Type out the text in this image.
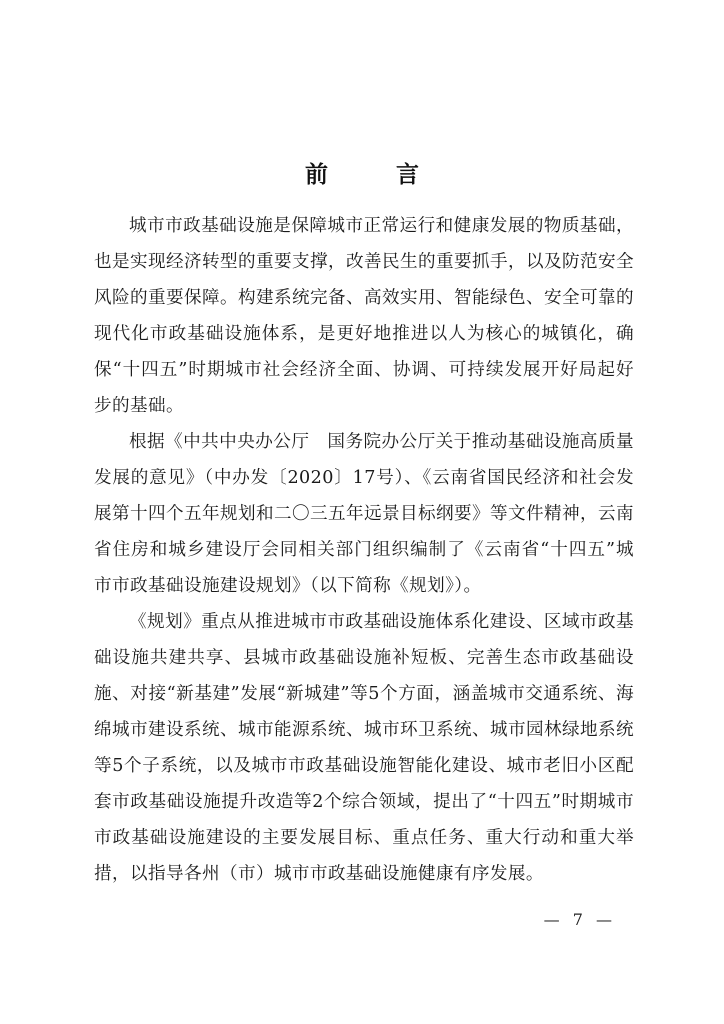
前 言

城市市政基础设施是保障城市正常运行和健康发展的物质基础，也是实现经济转型的重要支撑，改善民生的重要抓手，以及防范安全风险的重要保障。构建系统完备、高效实用、智能绿色、安全可靠的现代化市政基础设施体系，是更好地推进以人为核心的城镇化，确保“十四五”时期城市社会经济全面、协调、可持续发展开好局起好步的基础。

根据《中共中央办公厅　国务院办公厅关于推动基础设施高质量发展的意见》（中办发〔2020〕17号）、《云南省国民经济和社会发展第十四个五年规划和二〇三五年远景目标纲要》等文件精神，云南省住房和城乡建设厅会同相关部门组织编制了《云南省“十四五”城市市政基础设施建设规划》（以下简称《规划》）。

《规划》重点从推进城市市政基础设施体系化建设、区域市政基础设施共建共享、县城市政基础设施补短板、完善生态市政基础设施、对接“新基建”发展“新城建”等5个方面，涵盖城市交通系统、海绵城市建设系统、城市能源系统、城市环卫系统、城市园林绿地系统等5个子系统，以及城市市政基础设施智能化建设、城市老旧小区配套市政基础设施提升改造等2个综合领域，提出了“十四五”时期城市市政基础设施建设的主要发展目标、重点任务、重大行动和重大举措，以指导各州（市）城市市政基础设施健康有序发展。

— 7 —
